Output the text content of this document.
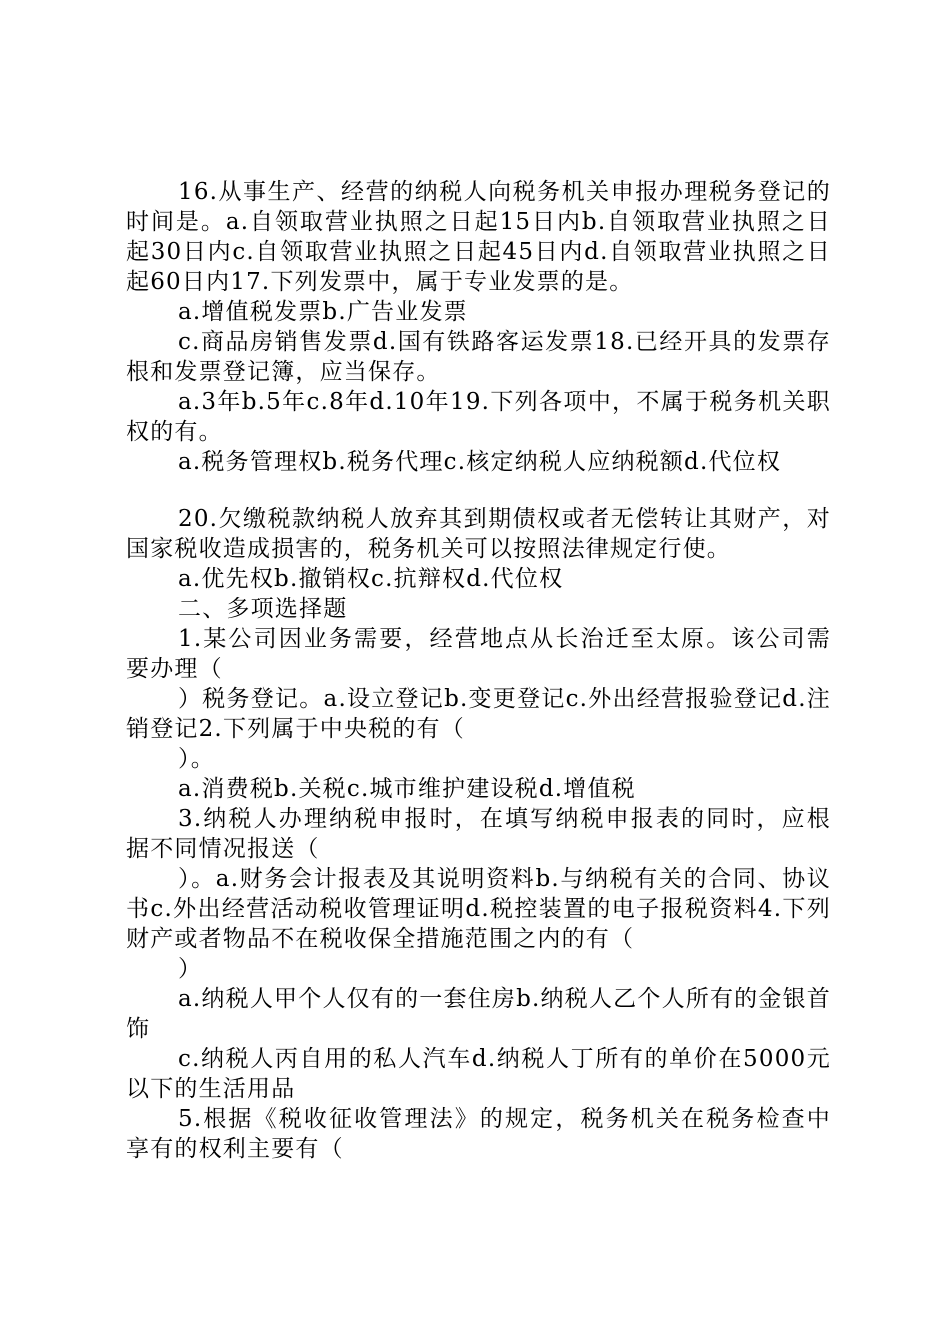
16.从事生产、经营的纳税人向税务机关申报办理税务登记的时间是。a.自领取营业执照之日起15日内b.自领取营业执照之日起30日内c.自领取营业执照之日起45日内d.自领取营业执照之日起60日内17.下列发票中，属于专业发票的是。

a.增值税发票b.广告业发票

c.商品房销售发票d.国有铁路客运发票18.已经开具的发票存根和发票登记簿，应当保存。

a.3年b.5年c.8年d.10年19.下列各项中，不属于税务机关职权的有。

a.税务管理权b.税务代理c.核定纳税人应纳税额d.代位权

20.欠缴税款纳税人放弃其到期债权或者无偿转让其财产，对国家税收造成损害的，税务机关可以按照法律规定行使。

a.优先权b.撤销权c.抗辩权d.代位权

二、多项选择题

1.某公司因业务需要，经营地点从长治迁至太原。该公司需要办理（

）税务登记。a.设立登记b.变更登记c.外出经营报验登记d.注销登记2.下列属于中央税的有（

）。

a.消费税b.关税c.城市维护建设税d.增值税

3.纳税人办理纳税申报时，在填写纳税申报表的同时，应根据不同情况报送（

）。a.财务会计报表及其说明资料b.与纳税有关的合同、协议书c.外出经营活动税收管理证明d.税控装置的电子报税资料4.下列财产或者物品不在税收保全措施范围之内的有（

）

a.纳税人甲个人仅有的一套住房b.纳税人乙个人所有的金银首饰

c.纳税人丙自用的私人汽车d.纳税人丁所有的单价在5000元以下的生活用品

5.根据《税收征收管理法》的规定，税务机关在税务检查中享有的权利主要有（
